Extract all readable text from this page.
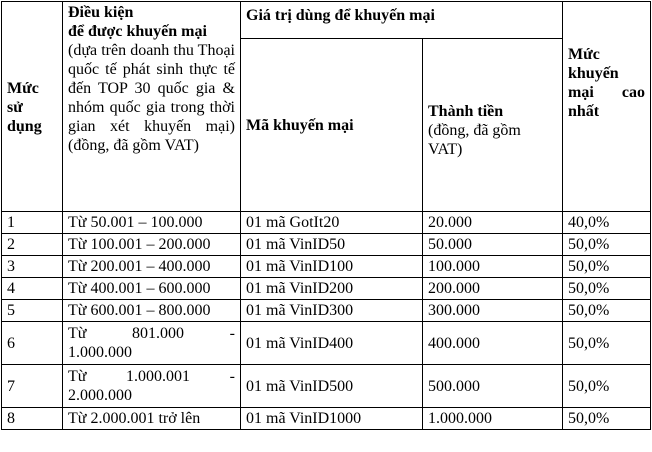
Mức sử dụng	Điều kiện
để được khuyến mại
(dựa trên doanh thu Thoại quốc tế phát sinh thực tế đến TOP 30 quốc gia & nhóm quốc gia trong thời gian xét khuyến mại) (đồng, đã gồm VAT)	Giá trị dùng để khuyến mại		Mức khuyến mại cao nhất
		Mã khuyến mại	Thành tiền
(đồng, đã gồm VAT)	
1	Từ 50.001 – 100.000	01 mã GotIt20	20.000	40,0%
2	Từ 100.001 – 200.000	01 mã VinID50	50.000	50,0%
3	Từ 200.001 – 400.000	01 mã VinID100	100.000	50,0%
4	Từ 400.001 – 600.000	01 mã VinID200	200.000	50,0%
5	Từ 600.001 – 800.000	01 mã VinID300	300.000	50,0%
6	Từ 801.000 -
1.000.000	01 mã VinID400	400.000	50,0%
7	Từ 1.000.001 -
2.000.000	01 mã VinID500	500.000	50,0%
8	Từ 2.000.001 trở lên	01 mã VinID1000	1.000.000	50,0%
